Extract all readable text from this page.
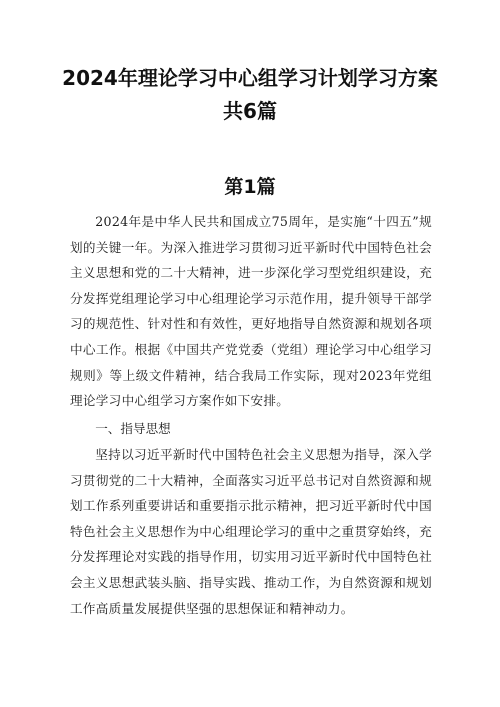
2024年理论学习中心组学习计划学习方案
共6篇
第1篇

2024年是中华人民共和国成立75周年，是实施“十四五”规划的关键一年。为深入推进学习贯彻习近平新时代中国特色社会主义思想和党的二十大精神，进一步深化学习型党组织建设，充分发挥党组理论学习中心组理论学习示范作用，提升领导干部学习的规范性、针对性和有效性，更好地指导自然资源和规划各项中心工作。根据《中国共产党党委（党组）理论学习中心组学习规则》等上级文件精神，结合我局工作实际，现对2023年党组理论学习中心组学习方案作如下安排。

一、指导思想

坚持以习近平新时代中国特色社会主义思想为指导，深入学习贯彻党的二十大精神，全面落实习近平总书记对自然资源和规划工作系列重要讲话和重要指示批示精神，把习近平新时代中国特色社会主义思想作为中心组理论学习的重中之重贯穿始终，充分发挥理论对实践的指导作用，切实用习近平新时代中国特色社会主义思想武装头脑、指导实践、推动工作，为自然资源和规划工作高质量发展提供坚强的思想保证和精神动力。
